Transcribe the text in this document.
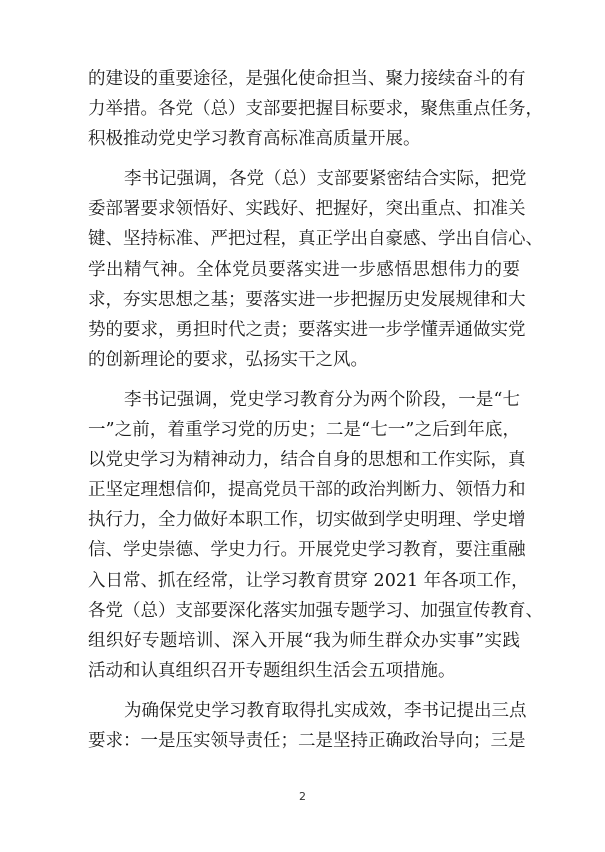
的建设的重要途径，是强化使命担当、聚力接续奋斗的有
力举措。各党（总）支部要把握目标要求，聚焦重点任务，
积极推动党史学习教育高标准高质量开展。
李书记强调，各党（总）支部要紧密结合实际，把党
委部署要求领悟好、实践好、把握好，突出重点、扣准关
键、坚持标准、严把过程，真正学出自豪感、学出自信心、
学出精气神。全体党员要落实进一步感悟思想伟力的要
求，夯实思想之基；要落实进一步把握历史发展规律和大
势的要求，勇担时代之责；要落实进一步学懂弄通做实党
的创新理论的要求，弘扬实干之风。
李书记强调，党史学习教育分为两个阶段，一是“七
一”之前，着重学习党的历史；二是“七一”之后到年底，
以党史学习为精神动力，结合自身的思想和工作实际，真
正坚定理想信仰，提高党员干部的政治判断力、领悟力和
执行力，全力做好本职工作，切实做到学史明理、学史增
信、学史崇德、学史力行。开展党史学习教育，要注重融
入日常、抓在经常，让学习教育贯穿 2021 年各项工作，
各党（总）支部要深化落实加强专题学习、加强宣传教育、
组织好专题培训、深入开展“我为师生群众办实事”实践
活动和认真组织召开专题组织生活会五项措施。
为确保党史学习教育取得扎实成效，李书记提出三点
要求：一是压实领导责任；二是坚持正确政治导向；三是
2
